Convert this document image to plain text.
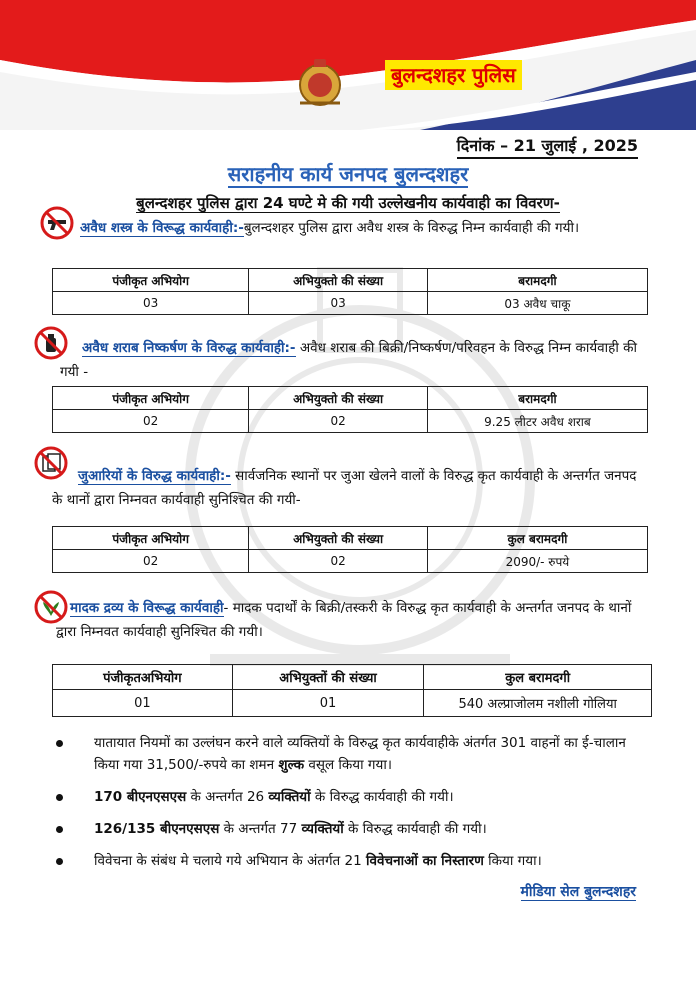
बुलन्दशहर पुलिस
दिनांक – 21 जुलाई , 2025
सराहनीय कार्य जनपद बुलन्दशहर
बुलन्दशहर पुलिस द्वारा 24 घण्टे मे की गयी उल्लेखनीय कार्यवाही का विवरण-
अवैध शस्त्र के विरूद्ध कार्यवाही:-बुलन्दशहर पुलिस द्वारा अवैध शस्त्र के विरुद्ध निम्न कार्यवाही की गयी।
पंजीकृत अभियोग	अभियुक्तो की संख्या	बरामदगी
03	03	03 अवैध चाकू
अवैध शराब निष्कर्षण के विरुद्ध कार्यवाही:- अवैध शराब की बिक्री/निष्कर्षण/परिवहन के विरुद्ध निम्न कार्यवाही की गयी -
पंजीकृत अभियोग	अभियुक्तो की संख्या	बरामदगी
02	02	9.25 लीटर अवैध शराब
जुआरियों के विरुद्ध कार्यवाही:- सार्वजनिक स्थानों पर जुआ खेलने वालों के विरुद्ध कृत कार्यवाही के अन्तर्गत जनपद के थानों द्वारा निम्नवत कार्यवाही सुनिश्चित की गयी-
पंजीकृत अभियोग	अभियुक्तो की संख्या	कुल बरामदगी
02	02	2090/- रुपये
मादक द्रव्य के विरूद्ध कार्यवाही- मादक पदार्थों के बिक्री/तस्करी के विरुद्ध कृत कार्यवाही के अन्तर्गत जनपद के थानों द्वारा निम्नवत कार्यवाही सुनिश्चित की गयी।
पंजीकृतअभियोग	अभियुक्तों की संख्या	कुल बरामदगी
01	01	540 अल्प्राजोलम नशीली गोलिया
यातायात नियमों का उल्लंघन करने वाले व्यक्तियों के विरुद्ध कृत कार्यवाहीके अंतर्गत 301 वाहनों का ई-चालान किया गया 31,500/-रुपये का शमन शुल्क वसूल किया गया।
170 बीएनएसएस के अन्तर्गत 26 व्यक्तियों के विरुद्ध कार्यवाही की गयी।
126/135 बीएनएसएस के अन्तर्गत 77 व्यक्तियों के विरुद्ध कार्यवाही की गयी।
विवेचना के संबंध मे चलाये गये अभियान के अंतर्गत 21 विवेचनाओं का निस्तारण किया गया।
मीडिया सेल बुलन्दशहर
